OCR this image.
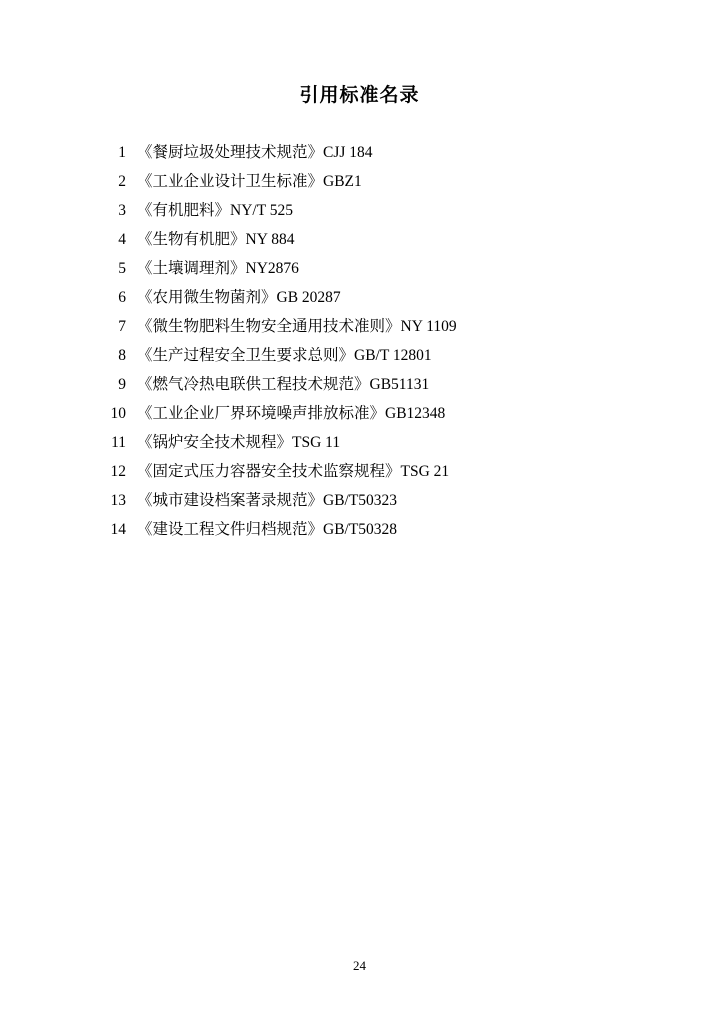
引用标准名录
1 《餐厨垃圾处理技术规范》CJJ 184
2 《工业企业设计卫生标准》GBZ1
3 《有机肥料》NY/T 525
4 《生物有机肥》NY 884
5 《土壤调理剂》NY2876
6 《农用微生物菌剂》GB 20287
7 《微生物肥料生物安全通用技术准则》NY 1109
8 《生产过程安全卫生要求总则》GB/T 12801
9 《燃气冷热电联供工程技术规范》GB51131
10 《工业企业厂界环境噪声排放标准》GB12348
11 《锅炉安全技术规程》TSG 11
12 《固定式压力容器安全技术监察规程》TSG 21
13 《城市建设档案著录规范》GB/T50323
14 《建设工程文件归档规范》GB/T50328
24
